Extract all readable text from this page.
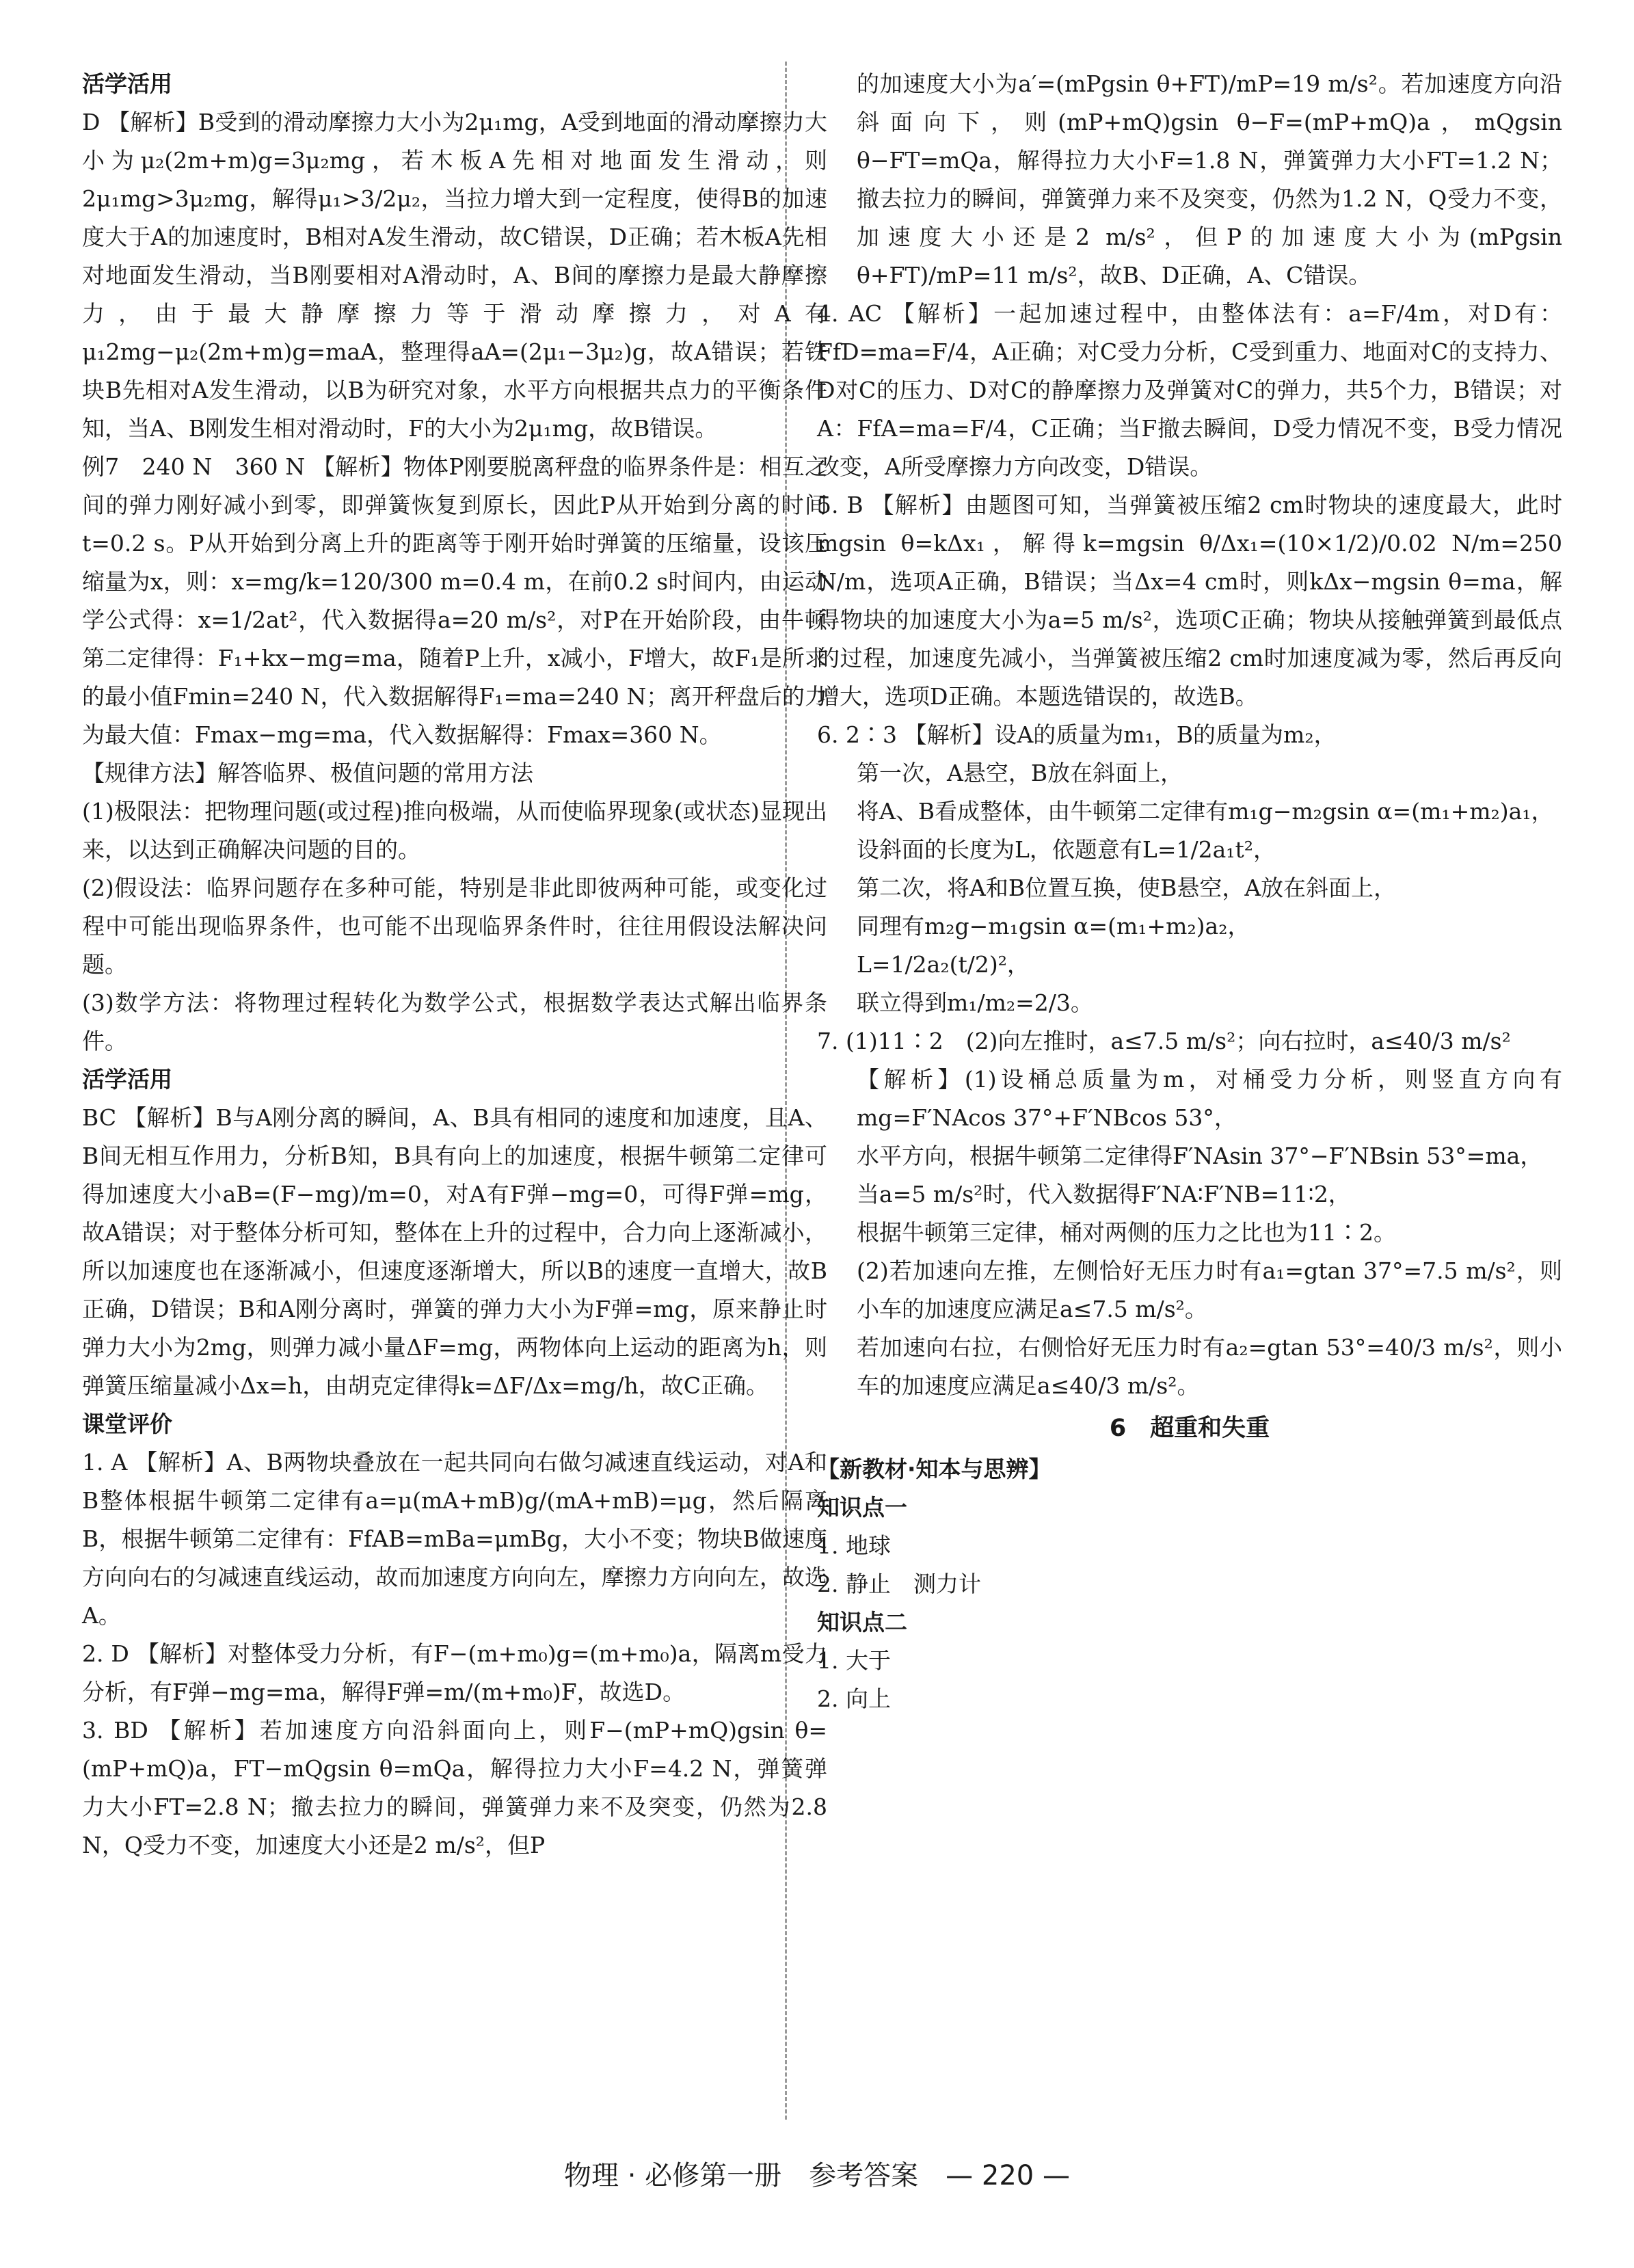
活学活用
D 【解析】B受到的滑动摩擦力大小为2μ₁mg，A受到地面的滑动摩擦力大小为μ₂(2m+m)g=3μ₂mg，若木板A先相对地面发生滑动，则2μ₁mg>3μ₂mg，解得μ₁>3/2μ₂，当拉力增大到一定程度，使得B的加速度大于A的加速度时，B相对A发生滑动，故C错误，D正确；若木板A先相对地面发生滑动，当B刚要相对A滑动时，A、B间的摩擦力是最大静摩擦力，由于最大静摩擦力等于滑动摩擦力，对A有μ₁2mg−μ₂(2m+m)g=maA，整理得aA=(2μ₁−3μ₂)g，故A错误；若铁块B先相对A发生滑动，以B为研究对象，水平方向根据共点力的平衡条件知，当A、B刚发生相对滑动时，F的大小为2μ₁mg，故B错误。
例7　240 N　360 N 【解析】物体P刚要脱离秤盘的临界条件是：相互之间的弹力刚好减小到零，即弹簧恢复到原长，因此P从开始到分离的时间t=0.2 s。P从开始到分离上升的距离等于刚开始时弹簧的压缩量，设该压缩量为x，则：x=mg/k=120/300 m=0.4 m，在前0.2 s时间内，由运动学公式得：x=1/2at²，代入数据得a=20 m/s²，对P在开始阶段，由牛顿第二定律得：F₁+kx−mg=ma，随着P上升，x减小，F增大，故F₁是所求的最小值Fmin=240 N，代入数据解得F₁=ma=240 N；离开秤盘后的力为最大值：Fmax−mg=ma，代入数据解得：Fmax=360 N。
【规律方法】解答临界、极值问题的常用方法
(1)极限法：把物理问题(或过程)推向极端，从而使临界现象(或状态)显现出来，以达到正确解决问题的目的。
(2)假设法：临界问题存在多种可能，特别是非此即彼两种可能，或变化过程中可能出现临界条件，也可能不出现临界条件时，往往用假设法解决问题。
(3)数学方法：将物理过程转化为数学公式，根据数学表达式解出临界条件。
活学活用
BC 【解析】B与A刚分离的瞬间，A、B具有相同的速度和加速度，且A、B间无相互作用力，分析B知，B具有向上的加速度，根据牛顿第二定律可得加速度大小aB=(F−mg)/m=0，对A有F弹−mg=0，可得F弹=mg，故A错误；对于整体分析可知，整体在上升的过程中，合力向上逐渐减小，所以加速度也在逐渐减小，但速度逐渐增大，所以B的速度一直增大，故B正确，D错误；B和A刚分离时，弹簧的弹力大小为F弹=mg，原来静止时弹力大小为2mg，则弹力减小量ΔF=mg，两物体向上运动的距离为h，则弹簧压缩量减小Δx=h，由胡克定律得k=ΔF/Δx=mg/h，故C正确。
课堂评价
1. A 【解析】A、B两物块叠放在一起共同向右做匀减速直线运动，对A和B整体根据牛顿第二定律有a=μ(mA+mB)g/(mA+mB)=μg，然后隔离B，根据牛顿第二定律有：FfAB=mBa=μmBg，大小不变；物块B做速度方向向右的匀减速直线运动，故而加速度方向向左，摩擦力方向向左，故选A。
2. D 【解析】对整体受力分析，有F−(m+m₀)g=(m+m₀)a，隔离m受力分析，有F弹−mg=ma，解得F弹=m/(m+m₀)F，故选D。
3. BD 【解析】若加速度方向沿斜面向上，则F−(mP+mQ)gsin θ=(mP+mQ)a，FT−mQgsin θ=mQa，解得拉力大小F=4.2 N，弹簧弹力大小FT=2.8 N；撤去拉力的瞬间，弹簧弹力来不及突变，仍然为2.8 N，Q受力不变，加速度大小还是2 m/s²，但P
的加速度大小为a′=(mPgsin θ+FT)/mP=19 m/s²。若加速度方向沿斜面向下，则(mP+mQ)gsin θ−F=(mP+mQ)a，mQgsin θ−FT=mQa，解得拉力大小F=1.8 N，弹簧弹力大小FT=1.2 N；撤去拉力的瞬间，弹簧弹力来不及突变，仍然为1.2 N，Q受力不变，加速度大小还是2 m/s²，但P的加速度大小为(mPgsin θ+FT)/mP=11 m/s²，故B、D正确，A、C错误。
4. AC 【解析】一起加速过程中，由整体法有：a=F/4m，对D有：FfD=ma=F/4，A正确；对C受力分析，C受到重力、地面对C的支持力、D对C的压力、D对C的静摩擦力及弹簧对C的弹力，共5个力，B错误；对A：FfA=ma=F/4，C正确；当F撤去瞬间，D受力情况不变，B受力情况改变，A所受摩擦力方向改变，D错误。
5. B 【解析】由题图可知，当弹簧被压缩2 cm时物块的速度最大，此时mgsin θ=kΔx₁，解得k=mgsin θ/Δx₁=(10×1/2)/0.02 N/m=250 N/m，选项A正确，B错误；当Δx=4 cm时，则kΔx−mgsin θ=ma，解得物块的加速度大小为a=5 m/s²，选项C正确；物块从接触弹簧到最低点的过程，加速度先减小，当弹簧被压缩2 cm时加速度减为零，然后再反向增大，选项D正确。本题选错误的，故选B。
6. 2∶3 【解析】设A的质量为m₁，B的质量为m₂，
第一次，A悬空，B放在斜面上，
将A、B看成整体，由牛顿第二定律有m₁g−m₂gsin α=(m₁+m₂)a₁，
设斜面的长度为L，依题意有L=1/2a₁t²，
第二次，将A和B位置互换，使B悬空，A放在斜面上，
同理有m₂g−m₁gsin α=(m₁+m₂)a₂，
L=1/2a₂(t/2)²，
联立得到m₁/m₂=2/3。
7. (1)11∶2　(2)向左推时，a≤7.5 m/s²；向右拉时，a≤40/3 m/s²
【解析】(1)设桶总质量为m，对桶受力分析，则竖直方向有mg=F′NAcos 37°+F′NBcos 53°，
水平方向，根据牛顿第二定律得F′NAsin 37°−F′NBsin 53°=ma，
当a=5 m/s²时，代入数据得F′NA∶F′NB=11∶2，
根据牛顿第三定律，桶对两侧的压力之比也为11∶2。
(2)若加速向左推，左侧恰好无压力时有a₁=gtan 37°=7.5 m/s²，则小车的加速度应满足a≤7.5 m/s²。
若加速向右拉，右侧恰好无压力时有a₂=gtan 53°=40/3 m/s²，则小车的加速度应满足a≤40/3 m/s²。
6　超重和失重
【新教材·知本与思辨】
知识点一
1. 地球
2. 静止　测力计
知识点二
1. 大于
2. 向上
物理 · 必修第一册　参考答案　— 220 —
